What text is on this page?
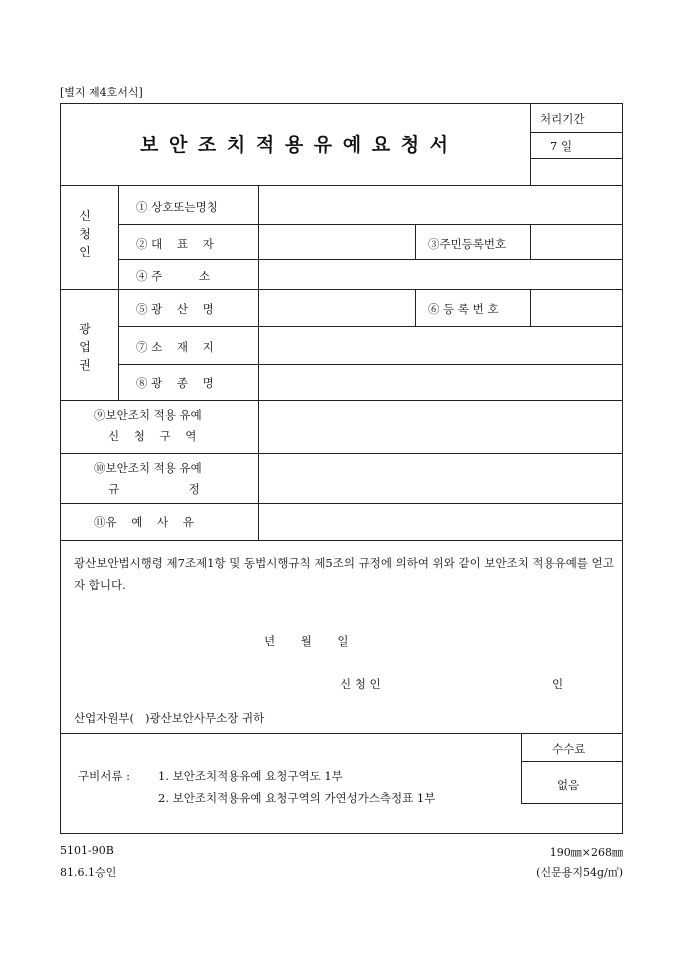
[별지 제4호서식]
보 안 조 치 적 용 유 예 요 청 서
처리기간
7 일
신
청
인
① 상호또는명칭
② 대    표    자	③주민등록번호
④ 주          소
광
업
권
⑤ 광    산    명	⑥ 등 록 번 호
⑦ 소    재    지
⑧ 광    종    명
⑨보안조치 적용 유예
신    청    구    역
⑩보안조치 적용 유예
규                   정
⑪유    예    사    유
광산보안법시행령 제7조제1항 및 동법시행규칙 제5조의 규정에 의하여 위와 같이 보안조치 적용유예를 얻고자 합니다.
년       월       일
신 청 인	인
산업자원부(   )광산보안사무소장 귀하
구비서류 : 1. 보안조치적용유예 요청구역도 1부
2. 보안조치적용유예 요청구역의 가연성가스측정표 1부
수수료
없음
5101-90B
81.6.1승인
190㎜×268㎜
(신문용지54g/㎡)
